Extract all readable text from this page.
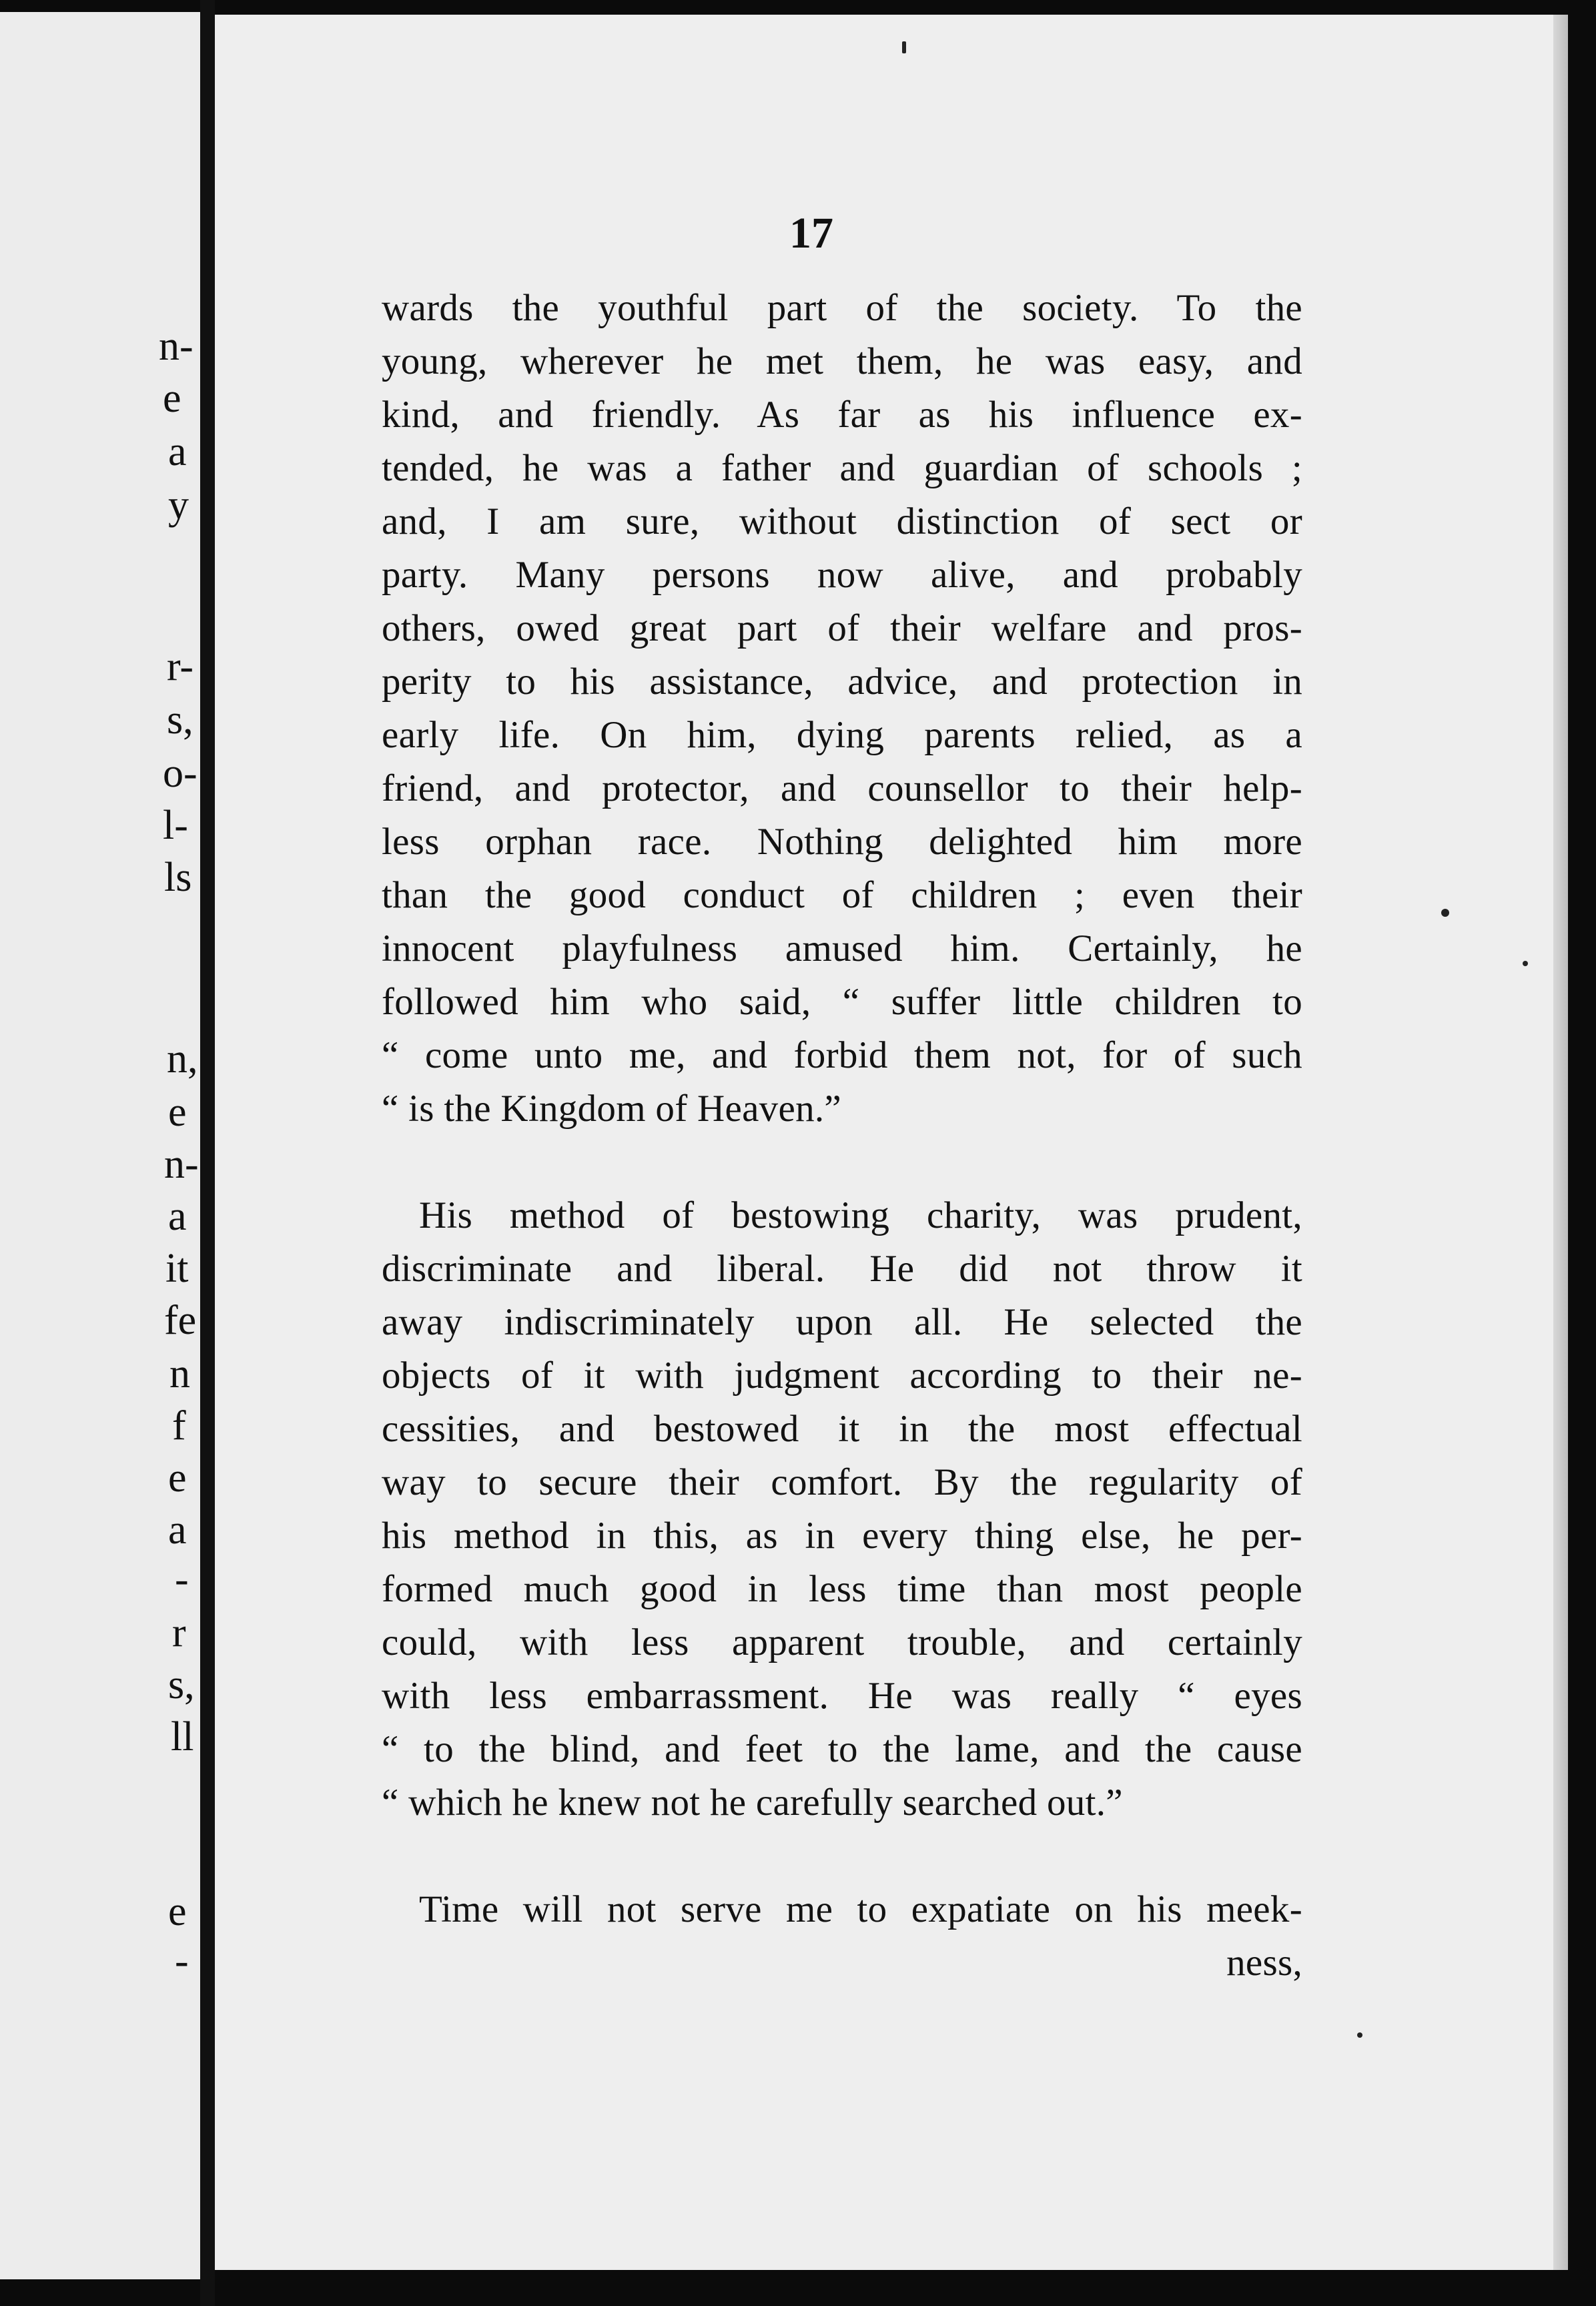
n-
e
a
y
r-
s,
o-
l-
ls
n,
e
n-
a
it
fe
n
f
e
a
-
r
s,
ll
e
-
17
wards the youthful part of the society. To the
young, wherever he met them, he was easy, and
kind, and friendly. As far as his influence ex-
tended, he was a father and guardian of schools ;
and, I am sure, without distinction of sect or
party. Many persons now alive, and probably
others, owed great part of their welfare and pros-
perity to his assistance, advice, and protection in
early life. On him, dying parents relied, as a
friend, and protector, and counsellor to their help-
less orphan race. Nothing delighted him more
than the good conduct of children ; even their
innocent playfulness amused him. Certainly, he
followed him who said, “ suffer little children to
“ come unto me, and forbid them not, for of such
“ is the Kingdom of Heaven.”
His method of bestowing charity, was prudent,
discriminate and liberal. He did not throw it
away indiscriminately upon all. He selected the
objects of it with judgment according to their ne-
cessities, and bestowed it in the most effectual
way to secure their comfort. By the regularity of
his method in this, as in every thing else, he per-
formed much good in less time than most people
could, with less apparent trouble, and certainly
with less embarrassment. He was really “ eyes
“ to the blind, and feet to the lame, and the cause
“ which he knew not he carefully searched out.”
Time will not serve me to expatiate on his meek-
ness,
